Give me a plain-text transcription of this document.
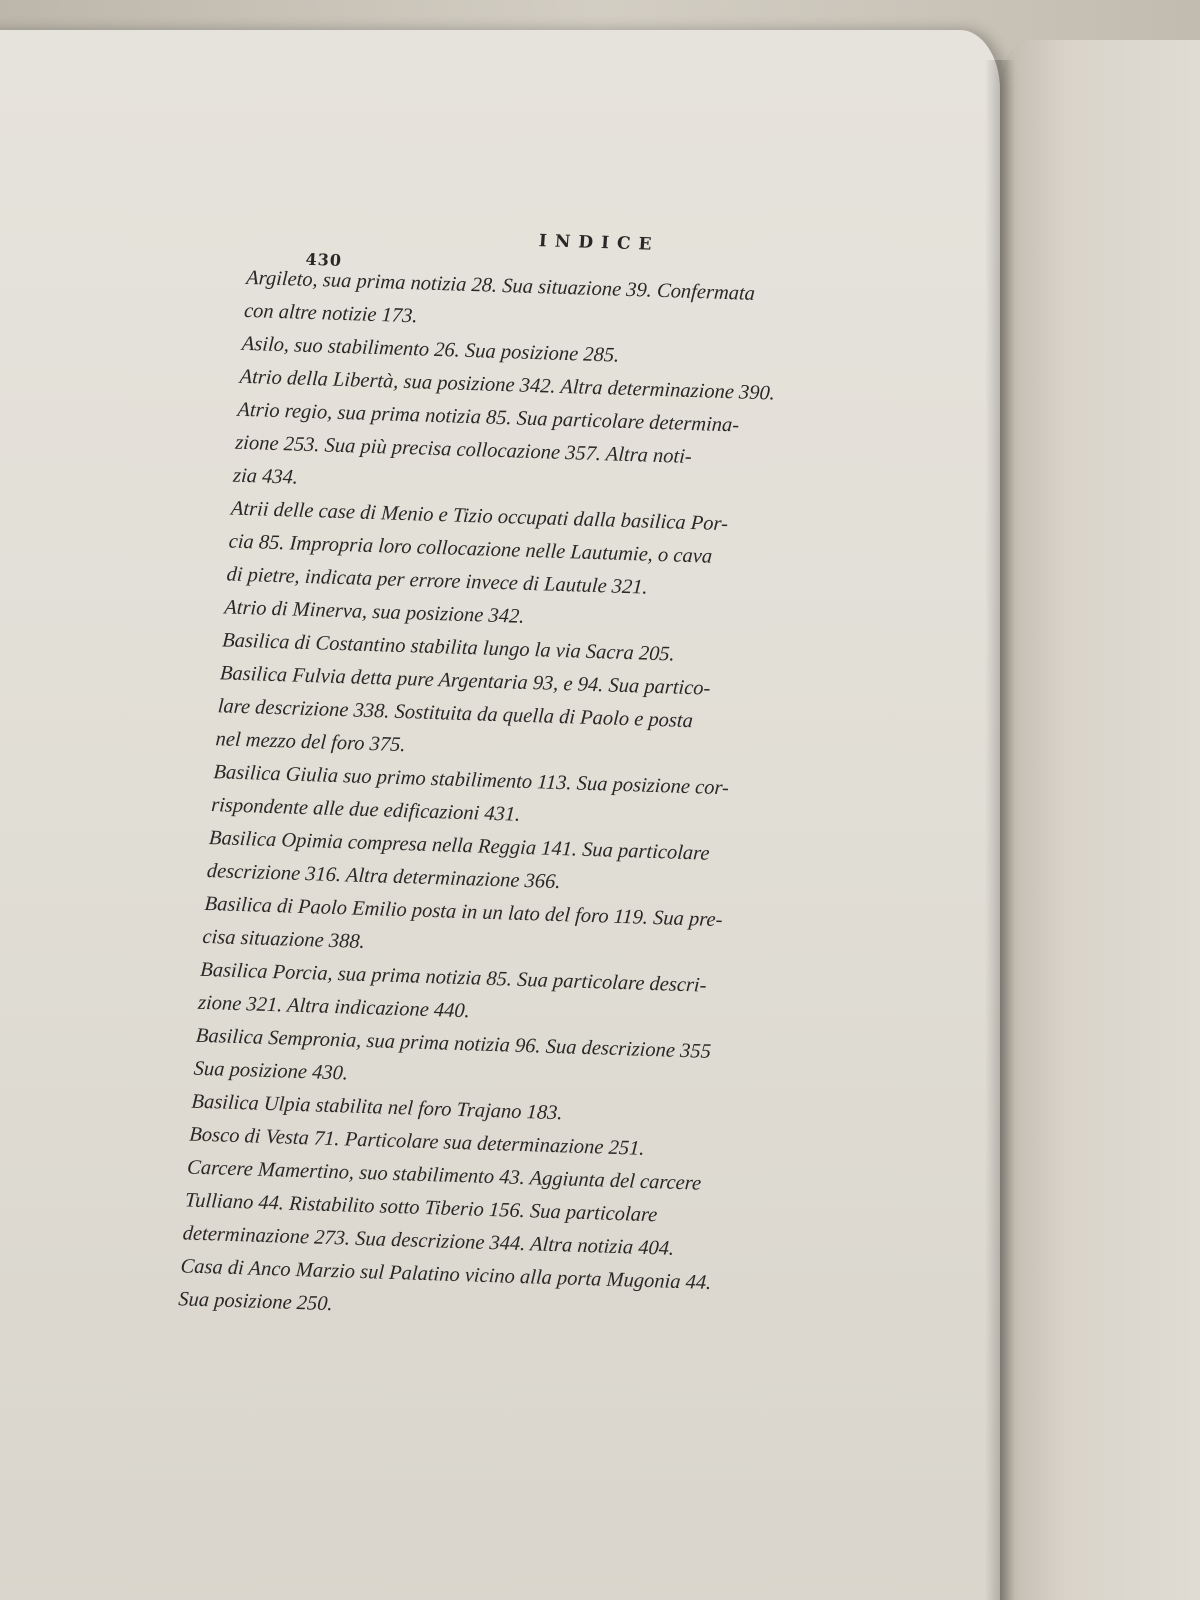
430
INDICE
Argileto, sua prima notizia 28. Sua situazione 39. Confermata
con altre notizie 173.
Asilo, suo stabilimento 26. Sua posizione 285.
Atrio della Libertà, sua posizione 342. Altra determinazione 390.
Atrio regio, sua prima notizia 85. Sua particolare determina-
zione 253. Sua più precisa collocazione 357. Altra noti-
zia 434.
Atrii delle case di Menio e Tizio occupati dalla basilica Por-
cia 85. Impropria loro collocazione nelle Lautumie, o cava
di pietre, indicata per errore invece di Lautule 321.
Atrio di Minerva, sua posizione 342.
Basilica di Costantino stabilita lungo la via Sacra 205.
Basilica Fulvia detta pure Argentaria 93, e 94. Sua partico-
lare descrizione 338. Sostituita da quella di Paolo e posta
nel mezzo del foro 375.
Basilica Giulia suo primo stabilimento 113. Sua posizione cor-
rispondente alle due edificazioni 431.
Basilica Opimia compresa nella Reggia 141. Sua particolare
descrizione 316. Altra determinazione 366.
Basilica di Paolo Emilio posta in un lato del foro 119. Sua pre-
cisa situazione 388.
Basilica Porcia, sua prima notizia 85. Sua particolare descri-
zione 321. Altra indicazione 440.
Basilica Sempronia, sua prima notizia 96. Sua descrizione 355
Sua posizione 430.
Basilica Ulpia stabilita nel foro Trajano 183.
Bosco di Vesta 71. Particolare sua determinazione 251.
Carcere Mamertino, suo stabilimento 43. Aggiunta del carcere
Tulliano 44. Ristabilito sotto Tiberio 156. Sua particolare
determinazione 273. Sua descrizione 344. Altra notizia 404.
Casa di Anco Marzio sul Palatino vicino alla porta Mugonia 44.
Sua posizione 250.
